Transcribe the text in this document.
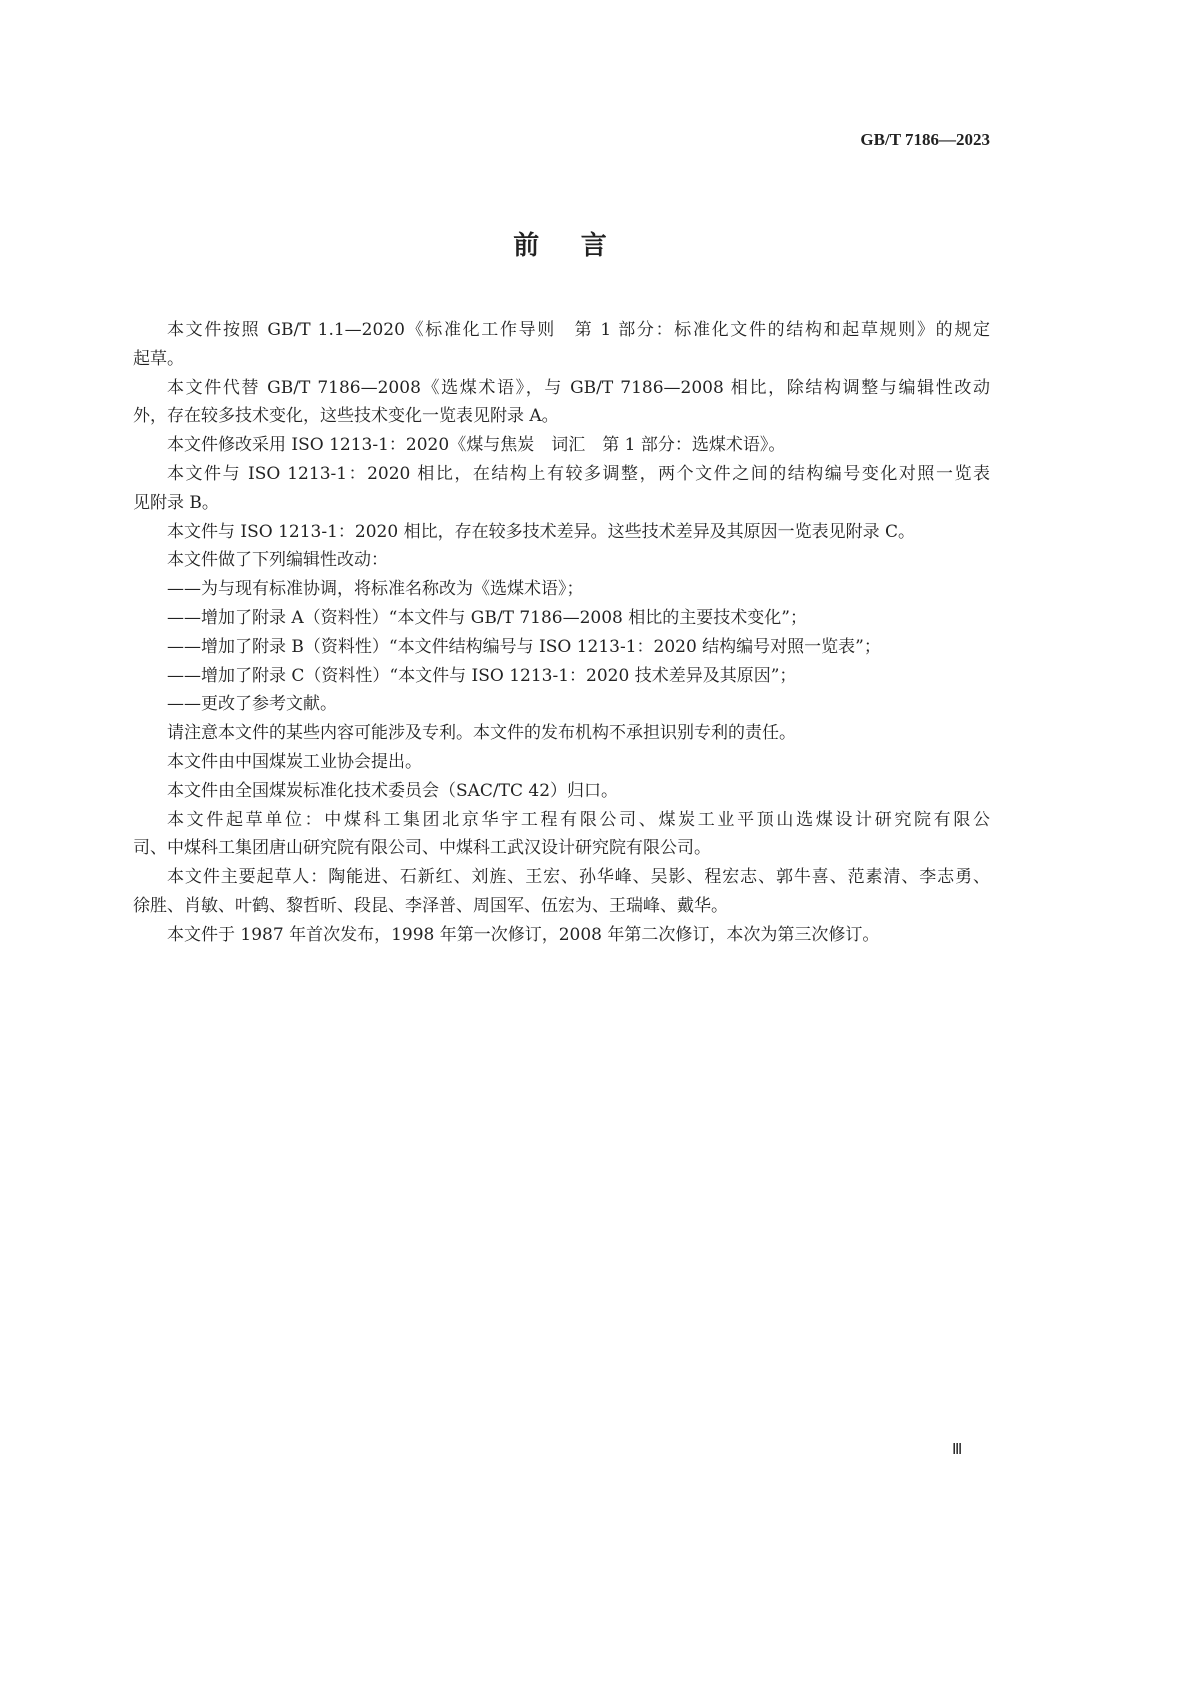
GB/T 7186—2023
前言
本文件按照 GB/T 1.1—2020《标准化工作导则　第 1 部分：标准化文件的结构和起草规则》的规定
起草。
本文件代替 GB/T 7186—2008《选煤术语》，与 GB/T 7186—2008 相比，除结构调整与编辑性改动
外，存在较多技术变化，这些技术变化一览表见附录 A。
本文件修改采用 ISO 1213-1：2020《煤与焦炭　词汇　第 1 部分：选煤术语》。
本文件与 ISO 1213-1：2020 相比，在结构上有较多调整，两个文件之间的结构编号变化对照一览表
见附录 B。
本文件与 ISO 1213-1：2020 相比，存在较多技术差异。这些技术差异及其原因一览表见附录 C。
本文件做了下列编辑性改动：
——为与现有标准协调，将标准名称改为《选煤术语》；
——增加了附录 A（资料性）“本文件与 GB/T 7186—2008 相比的主要技术变化”；
——增加了附录 B（资料性）“本文件结构编号与 ISO 1213-1：2020 结构编号对照一览表”；
——增加了附录 C（资料性）“本文件与 ISO 1213-1：2020 技术差异及其原因”；
——更改了参考文献。
请注意本文件的某些内容可能涉及专利。本文件的发布机构不承担识别专利的责任。
本文件由中国煤炭工业协会提出。
本文件由全国煤炭标准化技术委员会（SAC/TC 42）归口。
本文件起草单位：中煤科工集团北京华宇工程有限公司、煤炭工业平顶山选煤设计研究院有限公
司、中煤科工集团唐山研究院有限公司、中煤科工武汉设计研究院有限公司。
本文件主要起草人：陶能进、石新红、刘旌、王宏、孙华峰、吴影、程宏志、郭牛喜、范素清、李志勇、
徐胜、肖敏、叶鹤、黎哲昕、段昆、李泽普、周国军、伍宏为、王瑞峰、戴华。
本文件于 1987 年首次发布，1998 年第一次修订，2008 年第二次修订，本次为第三次修订。
Ⅲ
